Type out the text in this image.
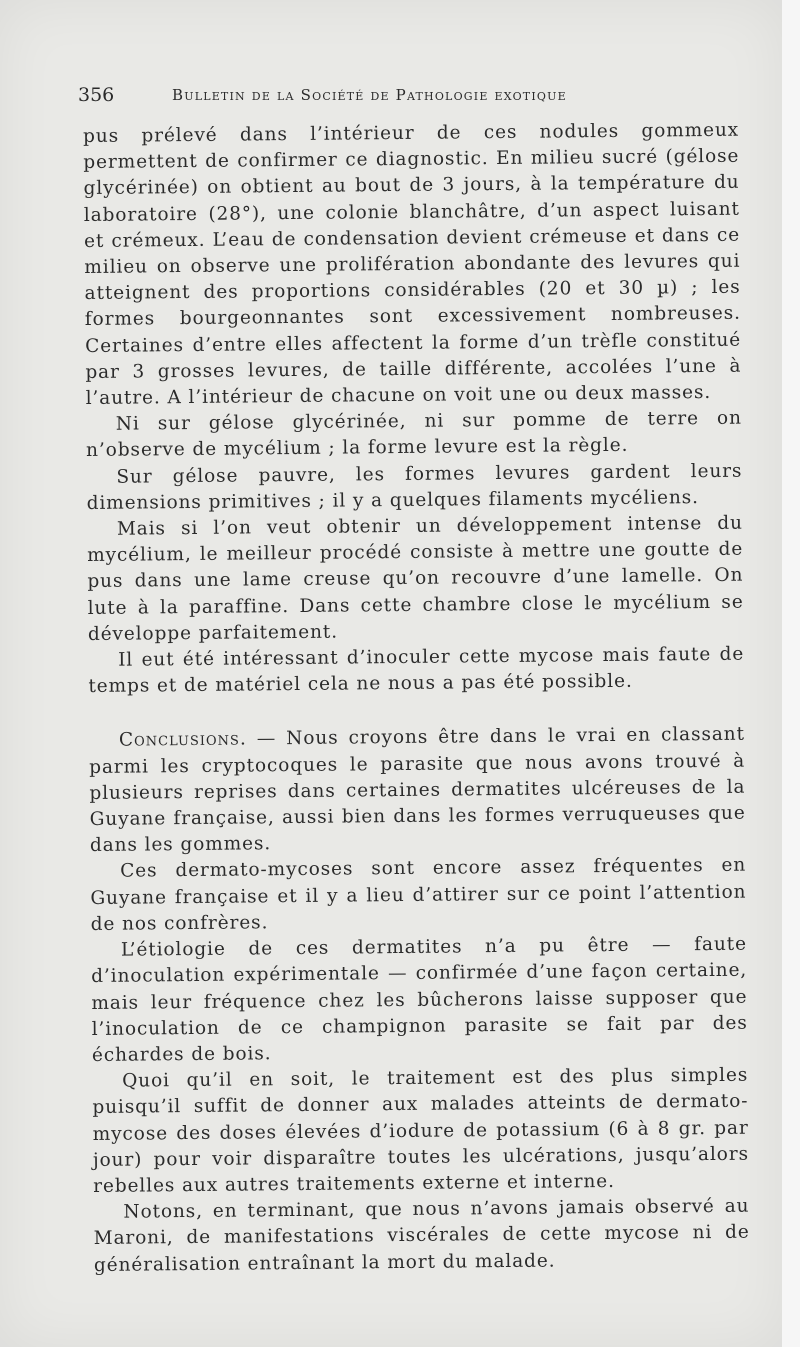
356	Bulletin de la Société de Pathologie exotique

pus prélevé dans l’intérieur de ces nodules gommeux permettent de confirmer ce diagnostic. En milieu sucré (gélose glycérinée) on obtient au bout de 3 jours, à la température du laboratoire (28°), une colonie blanchâtre, d’un aspect luisant et crémeux. L’eau de condensation devient crémeuse et dans ce milieu on observe une prolifération abondante des levures qui atteignent des proportions considérables (20 et 30 µ) ; les formes bourgeonnantes sont excessivement nombreuses. Certaines d’entre elles affectent la forme d’un trèfle constitué par 3 grosses levures, de taille différente, accolées l’une à l’autre. A l’intérieur de chacune on voit une ou deux masses.

Ni sur gélose glycérinée, ni sur pomme de terre on n’observe de mycélium ; la forme levure est la règle.

Sur gélose pauvre, les formes levures gardent leurs dimensions primitives ; il y a quelques filaments mycéliens.

Mais si l’on veut obtenir un développement intense du mycélium, le meilleur procédé consiste à mettre une goutte de pus dans une lame creuse qu’on recouvre d’une lamelle. On lute à la paraffine. Dans cette chambre close le mycélium se développe parfaitement.

Il eut été intéressant d’inoculer cette mycose mais faute de temps et de matériel cela ne nous a pas été possible.

Conclusions. — Nous croyons être dans le vrai en classant parmi les cryptocoques le parasite que nous avons trouvé à plusieurs reprises dans certaines dermatites ulcéreuses de la Guyane française, aussi bien dans les formes verruqueuses que dans les gommes.

Ces dermato-mycoses sont encore assez fréquentes en Guyane française et il y a lieu d’attirer sur ce point l’attention de nos confrères.

L’étiologie de ces dermatites n’a pu être — faute d’inoculation expérimentale — confirmée d’une façon certaine, mais leur fréquence chez les bûcherons laisse supposer que l’inoculation de ce champignon parasite se fait par des échardes de bois.

Quoi qu’il en soit, le traitement est des plus simples puisqu’il suffit de donner aux malades atteints de dermato-mycose des doses élevées d’iodure de potassium (6 à 8 gr. par jour) pour voir disparaître toutes les ulcérations, jusqu’alors rebelles aux autres traitements externe et interne.

Notons, en terminant, que nous n’avons jamais observé au Maroni, de manifestations viscérales de cette mycose ni de généralisation entraînant la mort du malade.
